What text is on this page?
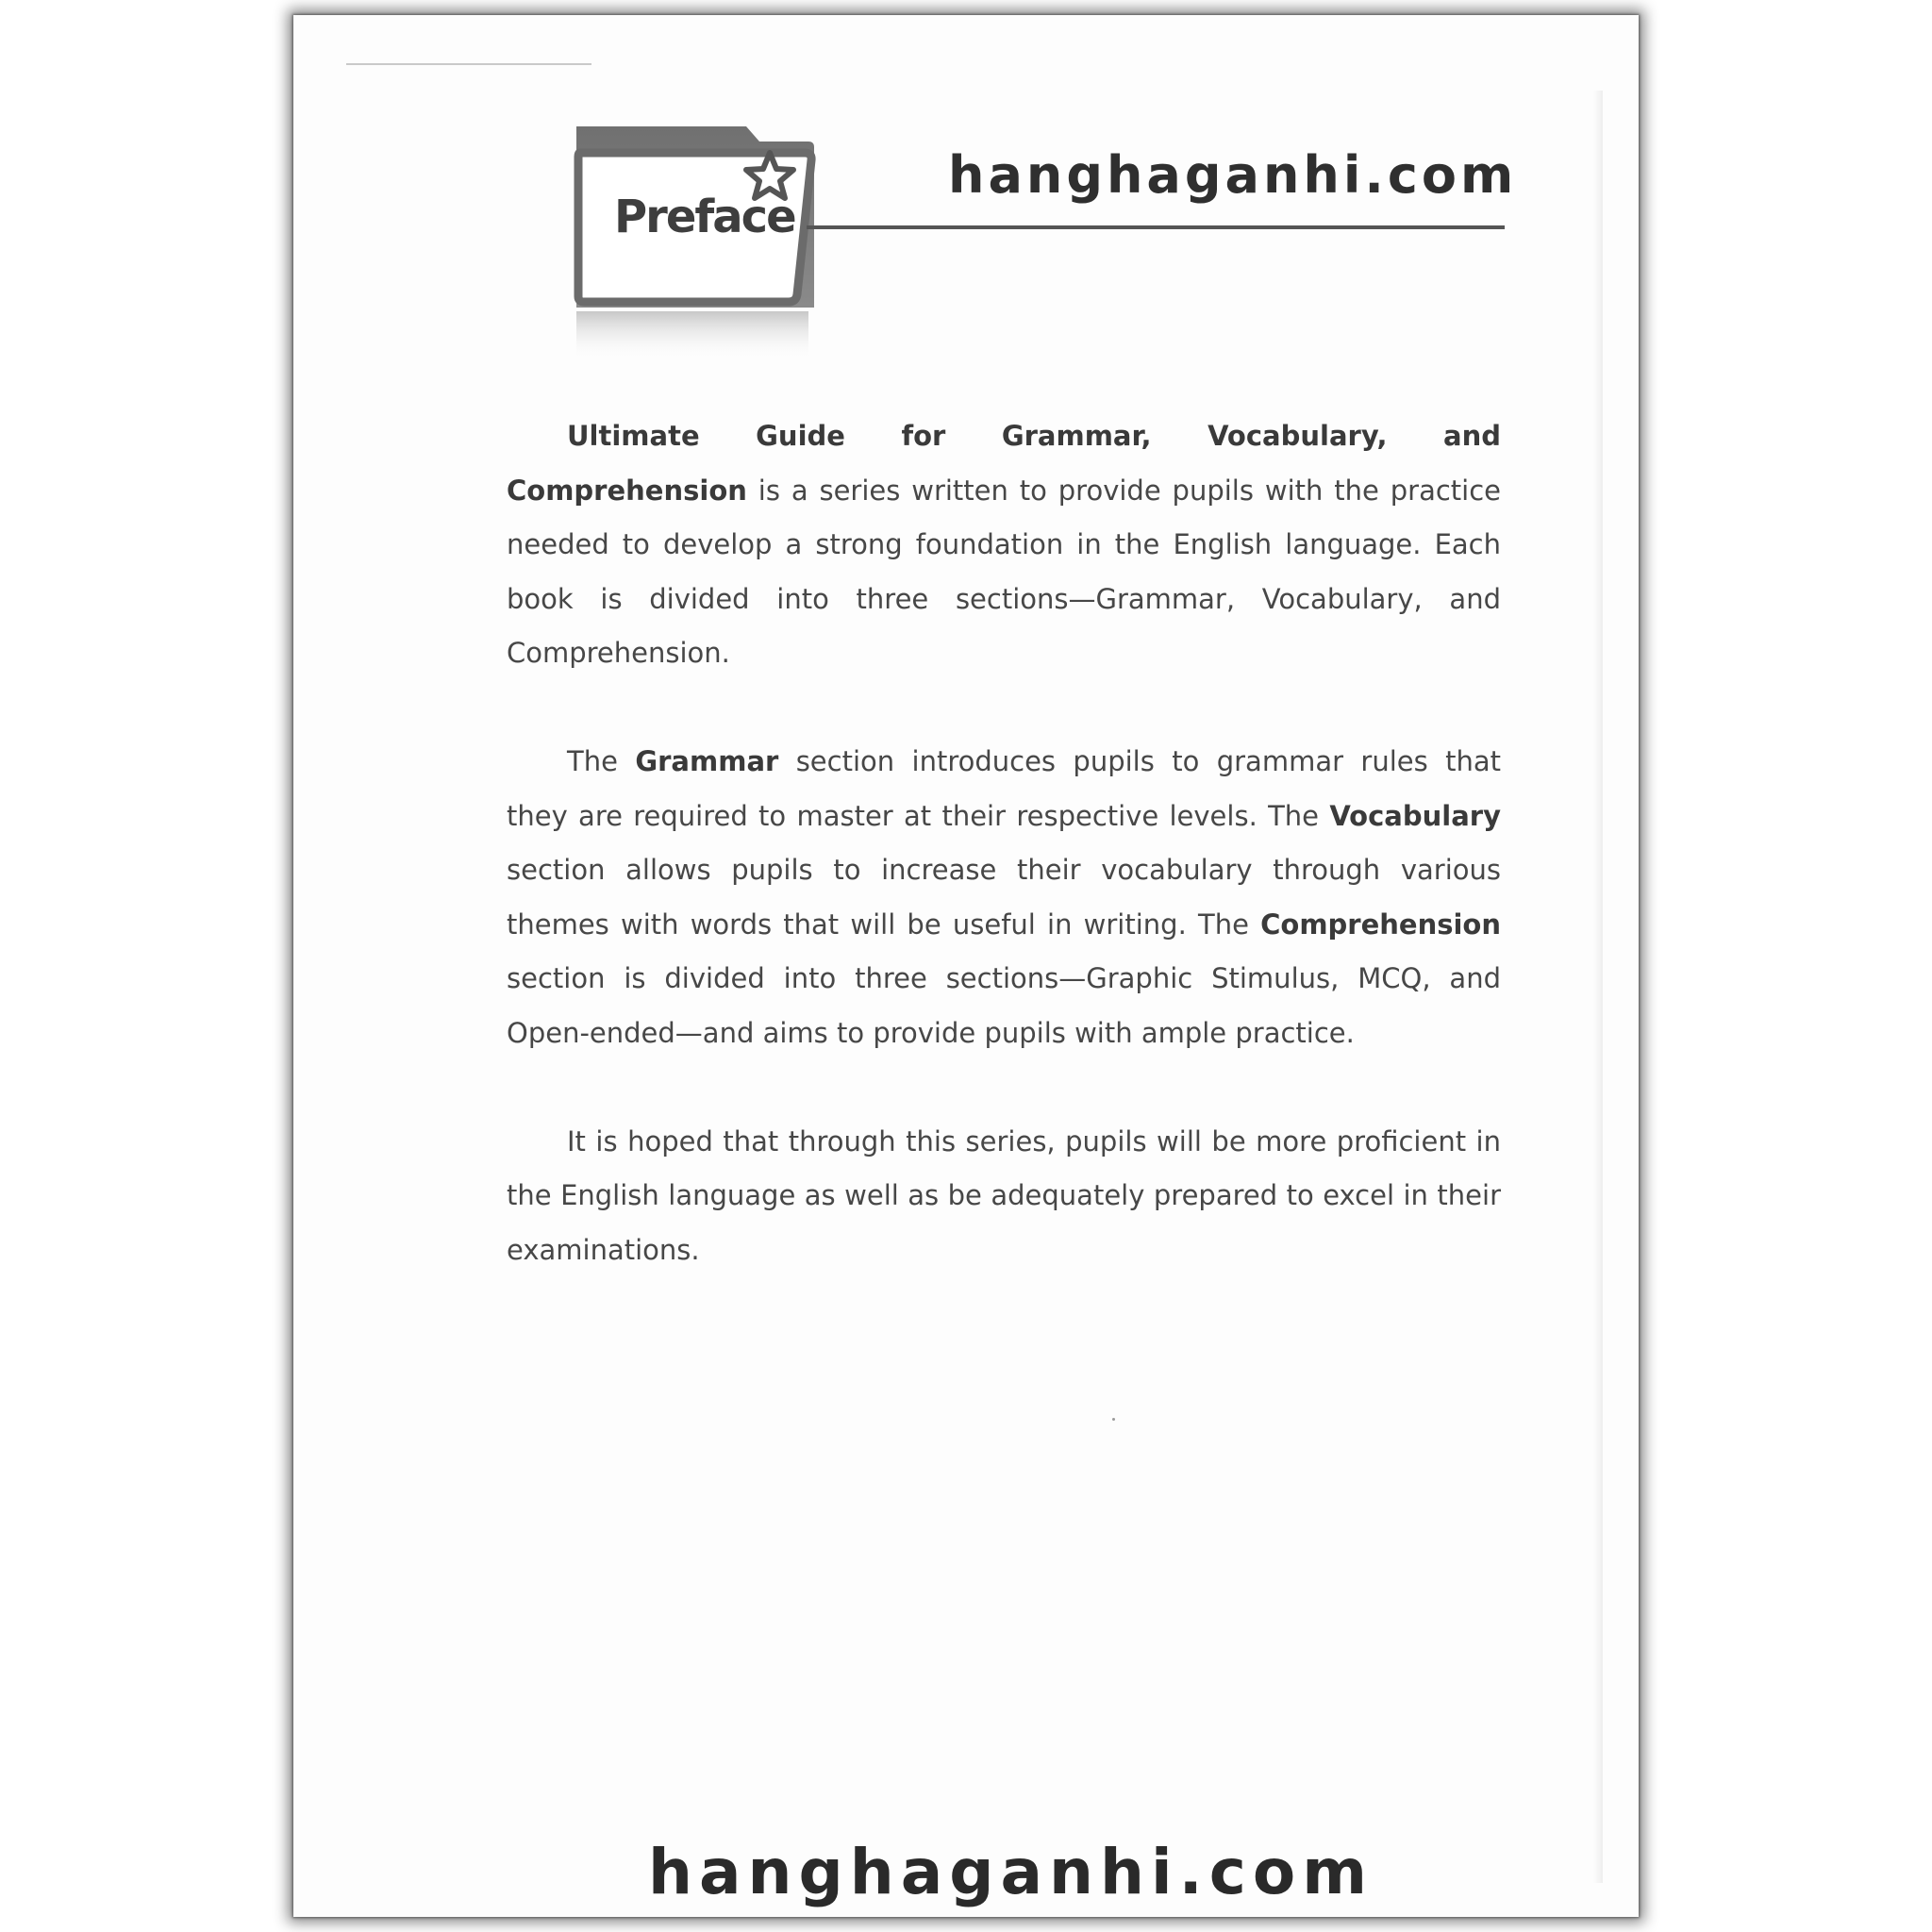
Preface
hanghaganhi.com

Ultimate Guide for Grammar, Vocabulary, and Comprehension is a series written to provide pupils with the practice needed to develop a strong foundation in the English language. Each book is divided into three sections—Grammar, Vocabulary, and Comprehension.

The Grammar section introduces pupils to grammar rules that they are required to master at their respective levels. The Vocabulary section allows pupils to increase their vocabulary through various themes with words that will be useful in writing. The Comprehension section is divided into three sections—Graphic Stimulus, MCQ, and Open-ended—and aims to provide pupils with ample practice.

It is hoped that through this series, pupils will be more proficient in the English language as well as be adequately prepared to excel in their examinations.

hanghaganhi.com
